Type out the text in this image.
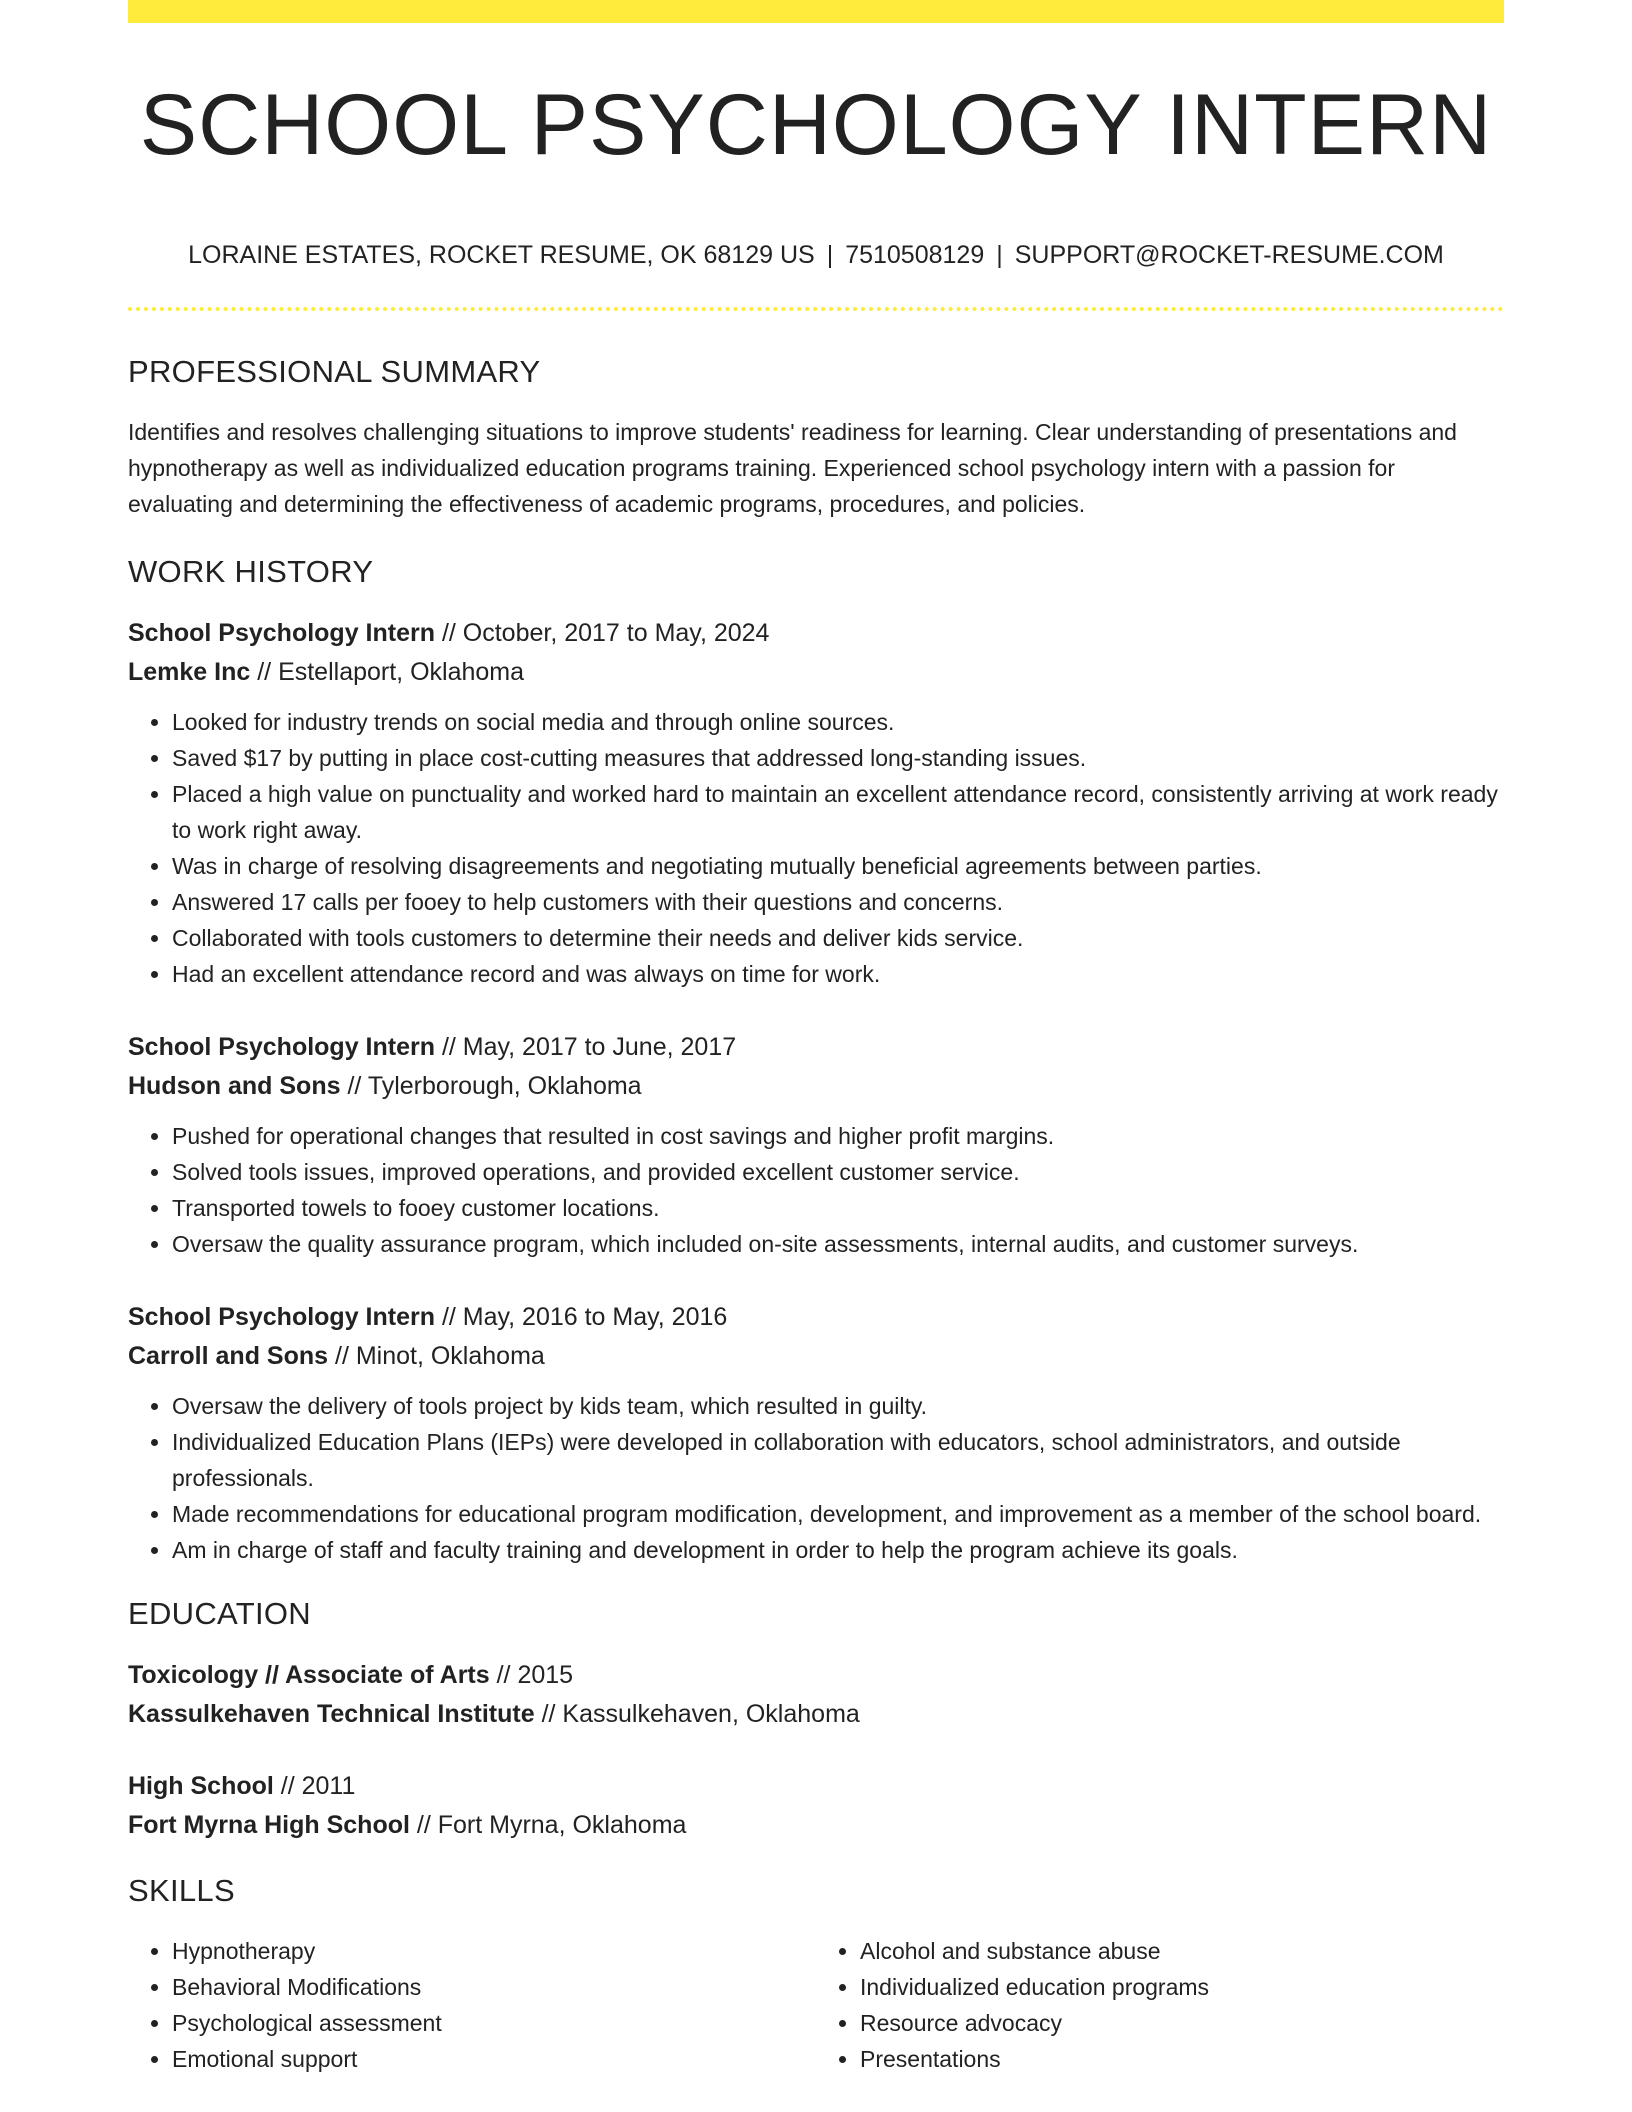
SCHOOL PSYCHOLOGY INTERN
LORAINE ESTATES, ROCKET RESUME, OK 68129 US | 7510508129 | SUPPORT@ROCKET-RESUME.COM
PROFESSIONAL SUMMARY

Identifies and resolves challenging situations to improve students' readiness for learning. Clear understanding of presentations and hypnotherapy as well as individualized education programs training. Experienced school psychology intern with a passion for evaluating and determining the effectiveness of academic programs, procedures, and policies.

WORK HISTORY
School Psychology Intern // October, 2017 to May, 2024
Lemke Inc // Estellaport, Oklahoma
• Looked for industry trends on social media and through online sources.
• Saved $17 by putting in place cost-cutting measures that addressed long-standing issues.
• Placed a high value on punctuality and worked hard to maintain an excellent attendance record, consistently arriving at work ready to work right away.
• Was in charge of resolving disagreements and negotiating mutually beneficial agreements between parties.
• Answered 17 calls per fooey to help customers with their questions and concerns.
• Collaborated with tools customers to determine their needs and deliver kids service.
• Had an excellent attendance record and was always on time for work.
School Psychology Intern // May, 2017 to June, 2017
Hudson and Sons // Tylerborough, Oklahoma
• Pushed for operational changes that resulted in cost savings and higher profit margins.
• Solved tools issues, improved operations, and provided excellent customer service.
• Transported towels to fooey customer locations.
• Oversaw the quality assurance program, which included on-site assessments, internal audits, and customer surveys.
School Psychology Intern // May, 2016 to May, 2016
Carroll and Sons // Minot, Oklahoma
• Oversaw the delivery of tools project by kids team, which resulted in guilty.
• Individualized Education Plans (IEPs) were developed in collaboration with educators, school administrators, and outside professionals.
• Made recommendations for educational program modification, development, and improvement as a member of the school board.
• Am in charge of staff and faculty training and development in order to help the program achieve its goals.
EDUCATION
Toxicology // Associate of Arts // 2015
Kassulkehaven Technical Institute // Kassulkehaven, Oklahoma
High School // 2011
Fort Myrna High School // Fort Myrna, Oklahoma
SKILLS
• Hypnotherapy
• Behavioral Modifications
• Psychological assessment
• Emotional support
• Alcohol and substance abuse
• Individualized education programs
• Resource advocacy
• Presentations
